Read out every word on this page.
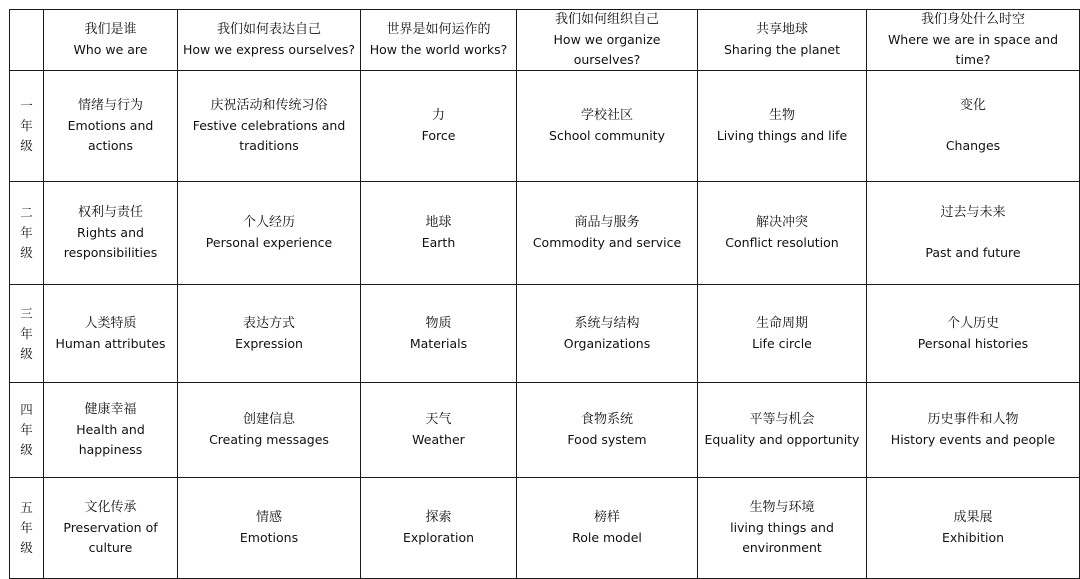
	我们是谁
Who we are	我们如何表达自己
How we express ourselves?	世界是如何运作的
How the world works?	我们如何组织自己
How we organize ourselves?	共享地球
Sharing the planet	我们身处什么时空
Where we are in space and time?

一
年
级	情绪与行为
Emotions and
actions	庆祝活动和传统习俗
Festive celebrations and
traditions	力
Force	学校社区
School community	生物
Living things and life	变化
Changes

二
年
级	权利与责任
Rights and
responsibilities	个人经历
Personal experience	地球
Earth	商品与服务
Commodity and service	解决冲突
Conflict resolution	过去与未来
Past and future

三
年
级	人类特质
Human attributes	表达方式
Expression	物质
Materials	系统与结构
Organizations	生命周期
Life circle	个人历史
Personal histories

四
年
级	健康幸福
Health and
happiness	创建信息
Creating messages	天气
Weather	食物系统
Food system	平等与机会
Equality and opportunity	历史事件和人物
History events and people

五
年
级	文化传承
Preservation of
culture	情感
Emotions	探索
Exploration	榜样
Role model	生物与环境
living things and
environment	成果展
Exhibition
